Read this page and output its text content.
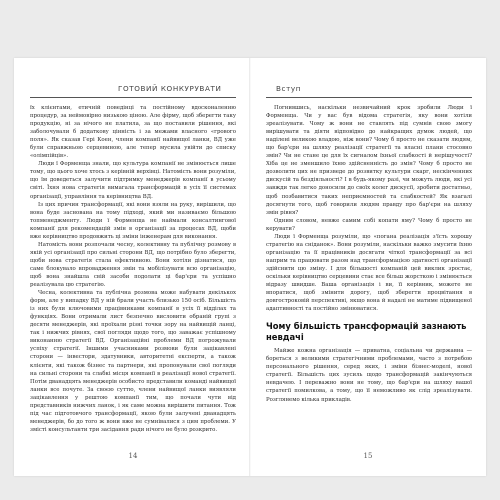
ГОТОВИЙ КОНКУРУВАТИ

їх клієнтами, етичній поведінці та постійному вдосконаленню процедур, за неймовірно низькою ціною. Але фірму, щоб зберегти таку продукцію, ні за нічого не платила, за що поставили рішення, які заболочували б додаткову цінність і за межами власного «грового поля». Як сказав Гері Коен, члени компанії найвищої ланки, ВД уже були справжньою серцевиною, але тепер мусила увійти до списку «олімпійців».

Люди ї Форменща знали, що культура компанії не змінюється лише тому, що цього хоче хтось з керівній верхівці. Натомість вони розуміли, що їм доведеться залучити підтримку менеджерів компанії в усьому світі. Їхня нова стратегія вимагала трансформацій в усіх її системах організації, управління та керівництва ВД.

Із цих причин трансформації, які вони взяли на руку, вирішили, що вона буде заснована на тому підході, який ми називаємо більшою топменеджменту. Люди ї Форменща не наймали консалтингової компанії для рекомендацій змін в організації за процесах ВД, щоби вже керівництво продовжить ці зміни інженерам для виконання.

Натомість вони розпочали чесну, колективну та публічну розмову в якій усі організації про сильні сторони ВД, що потрібно було зберегти, щоби нова стратегія стала ефективною. Вони хотіли дізнатися, що саме блокувало впровадження змін та мобілізувати всю організацію, щоб вона знайшла свій засоби подолати ці бар'єри та успішно реалізувала цю стратегію.

Чесна, колективна та публічна розмова може набувати декількох форм, але у випадку ВД у ній брали участь близько 150 осіб. Більшість із них були ключовими працівниками компанії в усіх її відділах та функціях. Вони отримали лист безпечно висловити обраній групі з десяти менеджерів, які проїхали різні точки зору на найвищій ланці, так і нижчих рівнях, свої погляди щодо того, що заважає успішному виконанню стратегії ВД. Організаційні проблеми ВД погрожували успіху стратегії. Іншими учасниками розмови були зацікавлені сторони — інвестори, здатувники, авторитетні експерти, а також клієнти, які також бізнес та партнери, які пропонували свої погляди на сильні сторони та слабкі місця компанії в реалізації нової стратегії. Потім дванадцять менеджерів особисто представили команді найвищої ланки все почуте. За своєю суттю, члени найвищої ланки виявляли зацікавлення у рештою компанії тим, що почали чути від представників нижчих ланок, і як саме можна вирішити питання. Тож під час підготовчого трансформації, якою були залучені дванадцять менеджерів, бо до того ж вони вже не сумнівалися з цим проблеми. У змісті консультанти три засідання ради нічого не було розкрито.

14
Вступ

Погнившись, наскільки незвичайний крок зробили Люди ї Форменща. Чи у вас був відома стратегія, яку вони хотіли зреалізувати. Чому ж вони не ставлять під сумнів свою змогу вирішувати та діяти відповідно до найкращих думок людей, що наділені великою владою, ніж вони? Чому б просто не сказати людям, що бар'єри на шляху реалізації стратегії та власні плани стосовно змін? Чи не стане це для їх сигналом їхньої слабкості й нерішучості? Хіба це не зменшило їхню здійсненність до змін? Чому б просто не дозволити цих не призведе до розвитку культури скарг, нескінченних дискусій та бездіяльності? І в будь-якому разі, чи можуть люди, які усі завжди так легко доносили до своїх колег дискусії, зробити достатньо, щоб позбавитися таких неприємностей та слабкостей? Як взагалі досягнути того, щоб говорили людям правду про бар'єри на шляху змін рівня?

Одним словом, невже самим собі копати яму? Чому б просто не керувати?

Люди ї Форменща розуміли, що «погана реалізація з'їсть хорошу стратегію на сніданок». Вони розуміли, наскільки важко змусити їхню організацію та її працівників досягати чіткої трансформації за всі наприм та працювати разом над трансформацією здатності організації здійснити цю зміну. І для більшості компаній цей виклик зростає, оскільки керівництво серцевини стає все більш жорсткою і змінюється відразу швидше. Ваша організація і ви, її керівник, можете не впоратися, щоб змінити дорогу, щоб зберегти процвітання в довгостроковій перспективі, якщо вона й надалі не матиме підвищеної адаптивності та постійно змінюватися.

Чому більшість трансформацій зазнають невдачі

Майже кожна організація — приватна, соціальна чи державна — бореться з великими стратегічними проблемами, часто з потребою персонального рішення, серед яких, і зміни бізнес-моделі, нової стратегії. Більшість цих зусиль щодо трансформацій закінчуються невдачею. І переважно вони не тому, що бар'єри на шляху вашої стратегії помилкова, а тому, що її неможливо як слід зреалізувати. Розглянемо кілька прикладів.

15
